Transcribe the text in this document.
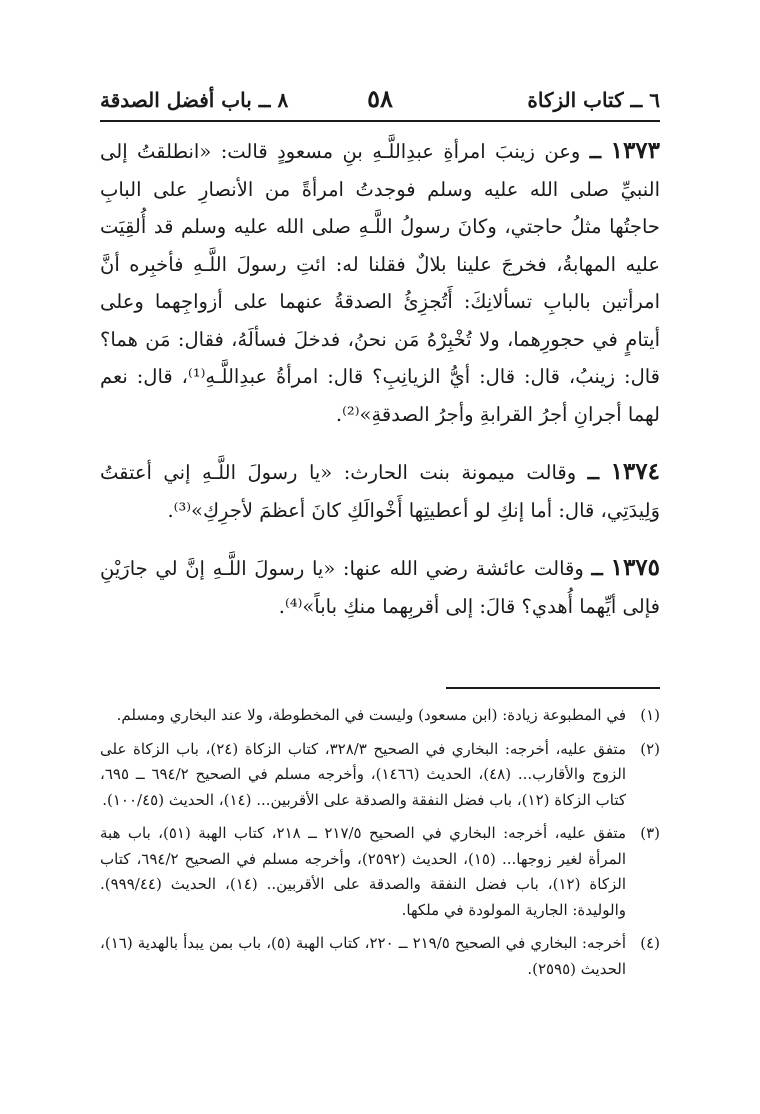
٦ ــ كتاب الزكاة
٥٨
٨ ــ باب أفضل الصدقة

١٣٧٣ ــ وعن زينبَ امرأةِ عبدِاللَّـهِ بنِ مسعودٍ قالت: «انطلقتُ إلى النبيِّ صلى الله عليه وسلم فوجدتُ امرأةً من الأنصارِ على البابِ حاجتُها مثلُ حاجتي، وكانَ رسولُ اللَّـهِ صلى الله عليه وسلم قد أُلقِيَت عليه المهابةُ، فخرجَ علينا بلالٌ فقلنا له: ائتِ رسولَ اللَّـهِ فأخبِره أنَّ امرأتين بالبابِ تسألانِكَ: أَتُجزِئُ الصدقةُ عنهما على أزواجِهما وعلى أيتامٍ في حجورِهما، ولا تُخْبِرْهُ مَن نحنُ، فدخلَ فسألَهُ، فقال: مَن هما؟ قال: زينبُ، قال: قال: أيُّ الزيانِبِ؟ قال: امرأةُ عبدِاللَّـهِ⁽¹⁾، قال: نعم لهما أجرانِ أجرُ القرابةِ وأجرُ الصدقةِ»⁽²⁾.

١٣٧٤ ــ وقالت ميمونة بنت الحارث: «يا رسولَ اللَّـهِ إني أعتقتُ وَلِيدَتِي، قال: أما إنكِ لو أعطيتِها أَخْوالَكِ كانَ أعظمَ لأجرِكِ»⁽³⁾.

١٣٧٥ ــ وقالت عائشة رضي الله عنها: «يا رسولَ اللَّـهِ إنَّ لي جارَيْنِ فإلى أيِّهما أُهدي؟ قالَ: إلى أقربِهما منكِ باباً»⁽⁴⁾.

(١)
في المطبوعة زيادة: (ابن مسعود) وليست في المخطوطة، ولا عند البخاري ومسلم.
(٢)
متفق عليه، أخرجه: البخاري في الصحيح ٣٢٨/٣، كتاب الزكاة (٢٤)، باب الزكاة على الزوج والأقارب... (٤٨)، الحديث (١٤٦٦)، وأخرجه مسلم في الصحيح ٦٩٤/٢ ــ ٦٩٥، كتاب الزكاة (١٢)، باب فضل النفقة والصدقة على الأقربين... (١٤)، الحديث (١٠٠/٤٥).
(٣)
متفق عليه، أخرجه: البخاري في الصحيح ٢١٧/٥ ــ ٢١٨، كتاب الهبة (٥١)، باب هبة المرأة لغير زوجها... (١٥)، الحديث (٢٥٩٢)، وأخرجه مسلم في الصحيح ٦٩٤/٢، كتاب الزكاة (١٢)، باب فضل النفقة والصدقة على الأقربين.. (١٤)، الحديث (٩٩٩/٤٤). والوليدة: الجارية المولودة في ملكها.
(٤)
أخرجه: البخاري في الصحيح ٢١٩/٥ ــ ٢٢٠، كتاب الهبة (٥)، باب بمن يبدأ بالهدية (١٦)، الحديث (٢٥٩٥).
